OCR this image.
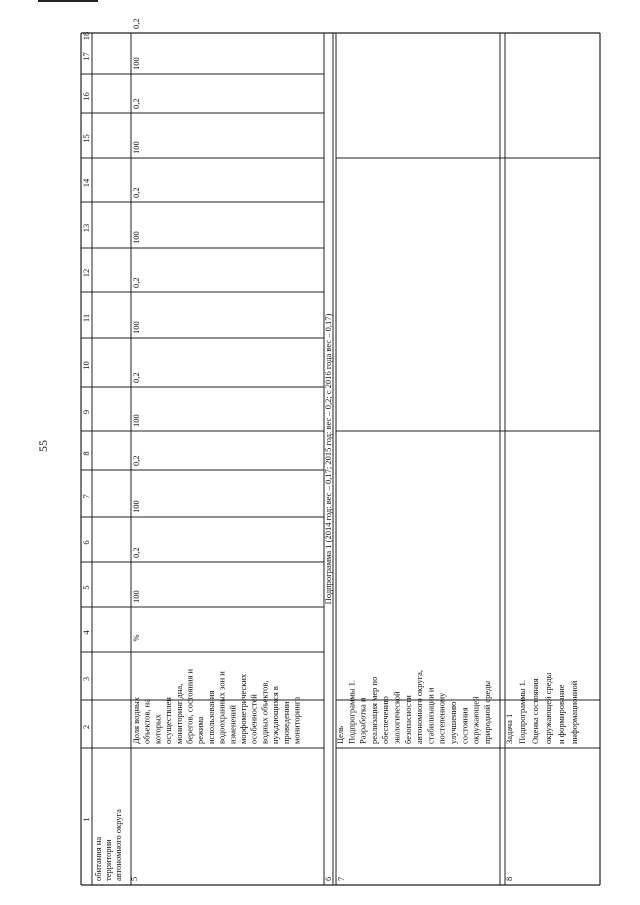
55
1
2
3
4
5
6
7
8
9
10
11
12
13
14
15
16
17
18
обитания на территории автономного округа 5
Доля водных объектов, на которых осуществлен мониторинг дна, берегов, состояния и режима использования водоохранных зон и изменений морфометрических особенностей водных объектов, нуждающихся в проведении мониторинга
%
100
0,2
100
0,2
100
0,2
100
0,2
100
0,2
100
0,2
100
0,2
6
Подпрограмма 1 (2014 год: вес – 0,17; 2015 год: вес – 0,2; с 2016 года вес – 0,17)
7
Цель Подпрограммы 1. Разработка и реализация мер по обеспечению экологической безопасности автономного округа, стабилизации и постепенному улучшению состояния окружающей природной среды
8
Задача 1 Подпрограммы 1. Оценка состояния окружающей среды и формирование информационной
